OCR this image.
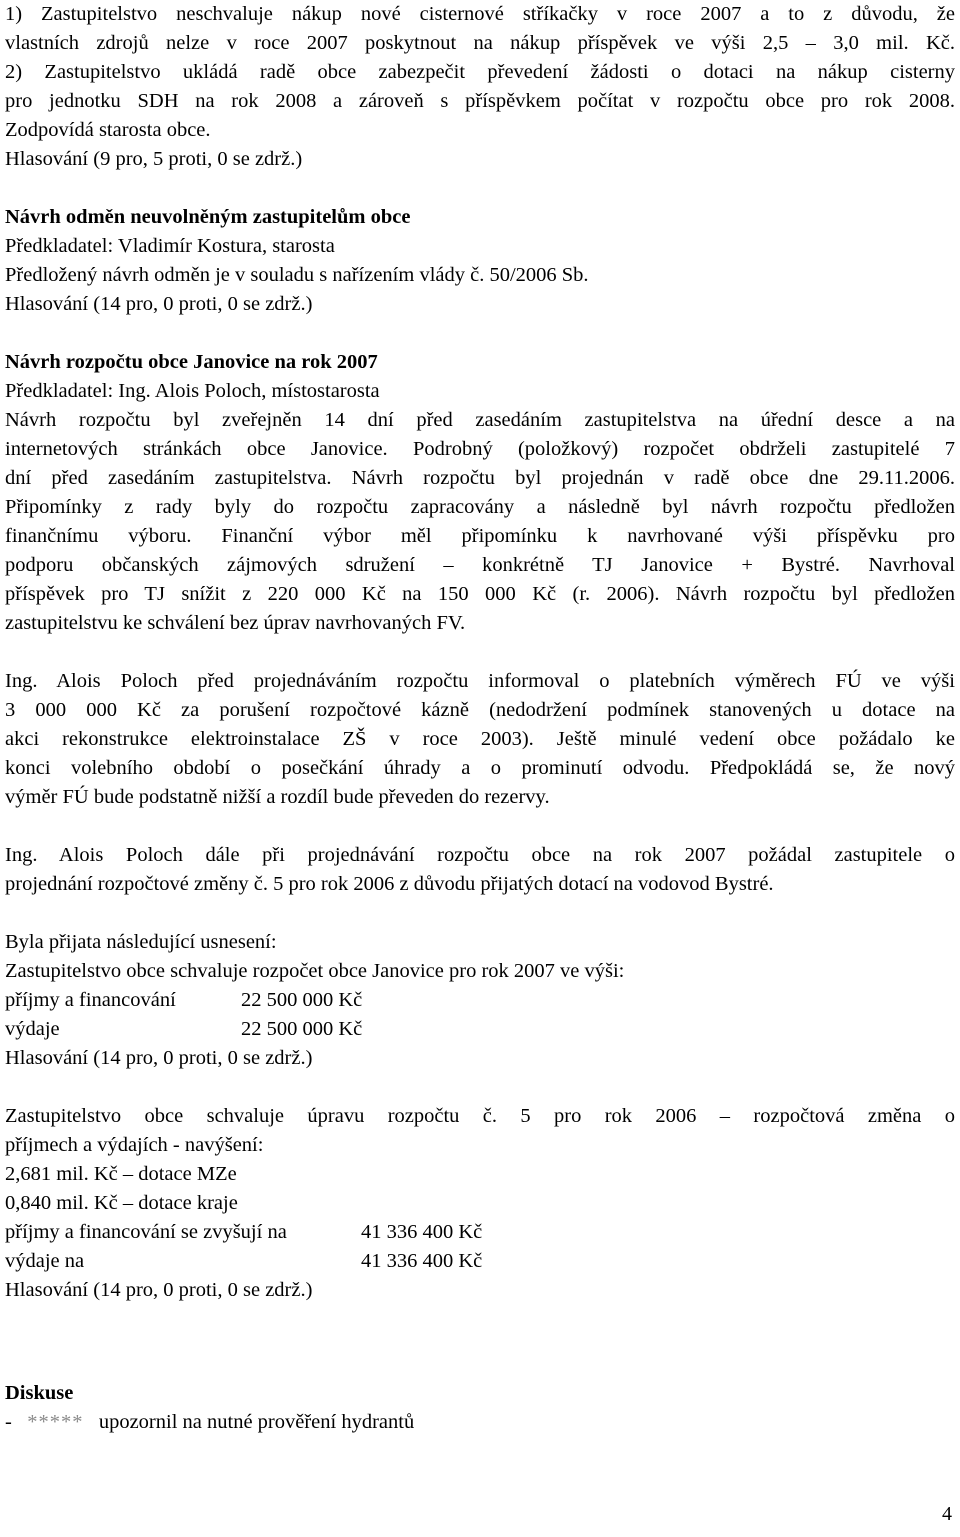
1) Zastupitelstvo neschvaluje nákup nové cisternové stříkačky v roce 2007 a to z důvodu, že
vlastních zdrojů nelze v roce 2007 poskytnout na nákup příspěvek ve výši 2,5 – 3,0 mil. Kč.
2) Zastupitelstvo ukládá radě obce zabezpečit převedení žádosti o dotaci na nákup cisterny
pro jednotku SDH na rok 2008 a zároveň s příspěvkem počítat v rozpočtu obce pro rok 2008.
Zodpovídá starosta obce.
Hlasování (9 pro, 5 proti, 0 se zdrž.)
Návrh odměn neuvolněným zastupitelům obce
Předkladatel: Vladimír Kostura, starosta
Předložený návrh odměn je v souladu s nařízením vlády č. 50/2006 Sb.
Hlasování (14 pro, 0 proti, 0 se zdrž.)
Návrh rozpočtu obce Janovice na rok 2007
Předkladatel: Ing. Alois Poloch, místostarosta
Návrh rozpočtu byl zveřejněn 14 dní před zasedáním zastupitelstva na úřední desce a na
internetových stránkách obce Janovice. Podrobný (položkový) rozpočet obdrželi zastupitelé 7
dní před zasedáním zastupitelstva. Návrh rozpočtu byl projednán v radě obce dne 29.11.2006.
Připomínky z rady byly do rozpočtu zapracovány a následně byl návrh rozpočtu předložen
finančnímu výboru. Finanční výbor měl připomínku k navrhované výši příspěvku pro
podporu občanských zájmových sdružení – konkrétně TJ Janovice + Bystré. Navrhoval
příspěvek pro TJ snížit z 220 000 Kč na 150 000 Kč (r. 2006). Návrh rozpočtu byl předložen
zastupitelstvu ke schválení bez úprav navrhovaných FV.
Ing. Alois Poloch před projednáváním rozpočtu informoval o platebních výměrech FÚ ve výši
3 000 000 Kč za porušení rozpočtové kázně (nedodržení podmínek stanovených u dotace na
akci rekonstrukce elektroinstalace ZŠ v roce 2003). Ještě minulé vedení obce požádalo ke
konci volebního období o posečkání úhrady a o prominutí odvodu. Předpokládá se, že nový
výměr FÚ bude podstatně nižší a rozdíl bude převeden do rezervy.
Ing. Alois Poloch dále při projednávání rozpočtu obce na rok 2007 požádal zastupitele o
projednání rozpočtové změny č. 5 pro rok 2006 z důvodu přijatých dotací na vodovod Bystré.
Byla přijata následující usnesení:
Zastupitelstvo obce schvaluje rozpočet obce Janovice pro rok 2007 ve výši:
příjmy a financování	22 500 000 Kč
výdaje	22 500 000 Kč
Hlasování (14 pro, 0 proti, 0 se zdrž.)
Zastupitelstvo obce schvaluje úpravu rozpočtu č. 5 pro rok 2006 – rozpočtová změna o
příjmech a výdajích - navýšení:
2,681 mil. Kč – dotace MZe
0,840 mil. Kč – dotace kraje
příjmy a financování se zvyšují na	41 336 400 Kč
výdaje na	41 336 400 Kč
Hlasování (14 pro, 0 proti, 0 se zdrž.)
Diskuse
- ***** upozornil na nutné prověření hydrantů
4
